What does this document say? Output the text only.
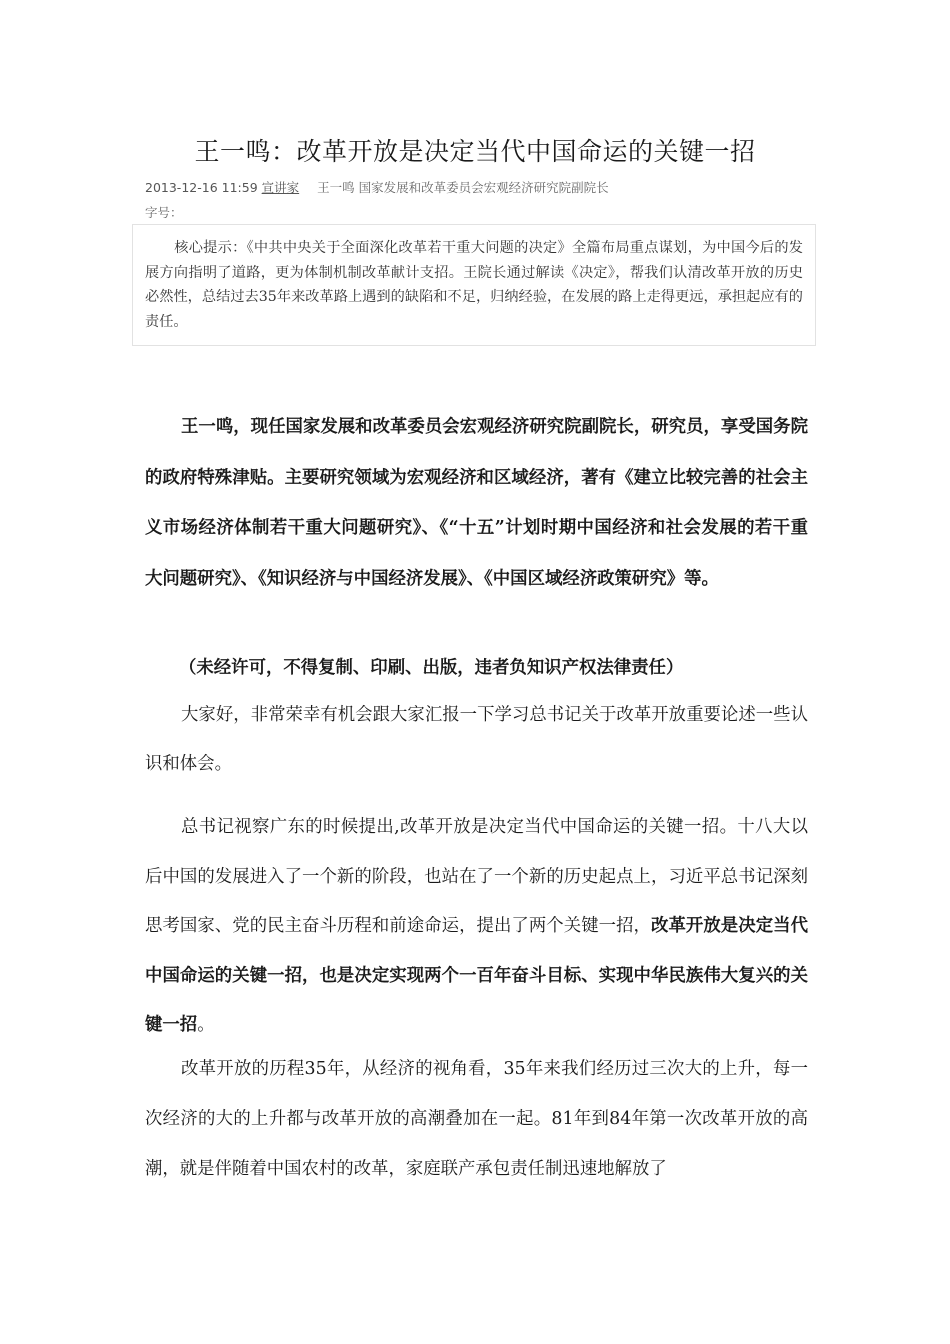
王一鸣：改革开放是决定当代中国命运的关键一招
2013-12-16 11:59 宣讲家 王一鸣 国家发展和改革委员会宏观经济研究院副院长
字号：
核心提示：《中共中央关于全面深化改革若干重大问题的决定》全篇布局重点谋划，为中国今后的发展方向指明了道路，更为体制机制改革献计支招。王院长通过解读《决定》，帮我们认清改革开放的历史必然性，总结过去35年来改革路上遇到的缺陷和不足，归纳经验，在发展的路上走得更远，承担起应有的责任。
王一鸣，现任国家发展和改革委员会宏观经济研究院副院长，研究员，享受国务院的政府特殊津贴。主要研究领域为宏观经济和区域经济，著有《建立比较完善的社会主义市场经济体制若干重大问题研究》、《“十五”计划时期中国经济和社会发展的若干重大问题研究》、《知识经济与中国经济发展》、《中国区域经济政策研究》等。
（未经许可，不得复制、印刷、出版，违者负知识产权法律责任）
大家好，非常荣幸有机会跟大家汇报一下学习总书记关于改革开放重要论述一些认识和体会。
总书记视察广东的时候提出,改革开放是决定当代中国命运的关键一招。十八大以后中国的发展进入了一个新的阶段，也站在了一个新的历史起点上，习近平总书记深刻思考国家、党的民主奋斗历程和前途命运，提出了两个关键一招，改革开放是决定当代中国命运的关键一招，也是决定实现两个一百年奋斗目标、实现中华民族伟大复兴的关键一招。
改革开放的历程35年，从经济的视角看，35年来我们经历过三次大的上升，每一次经济的大的上升都与改革开放的高潮叠加在一起。81年到84年第一次改革开放的高潮，就是伴随着中国农村的改革，家庭联产承包责任制迅速地解放了
